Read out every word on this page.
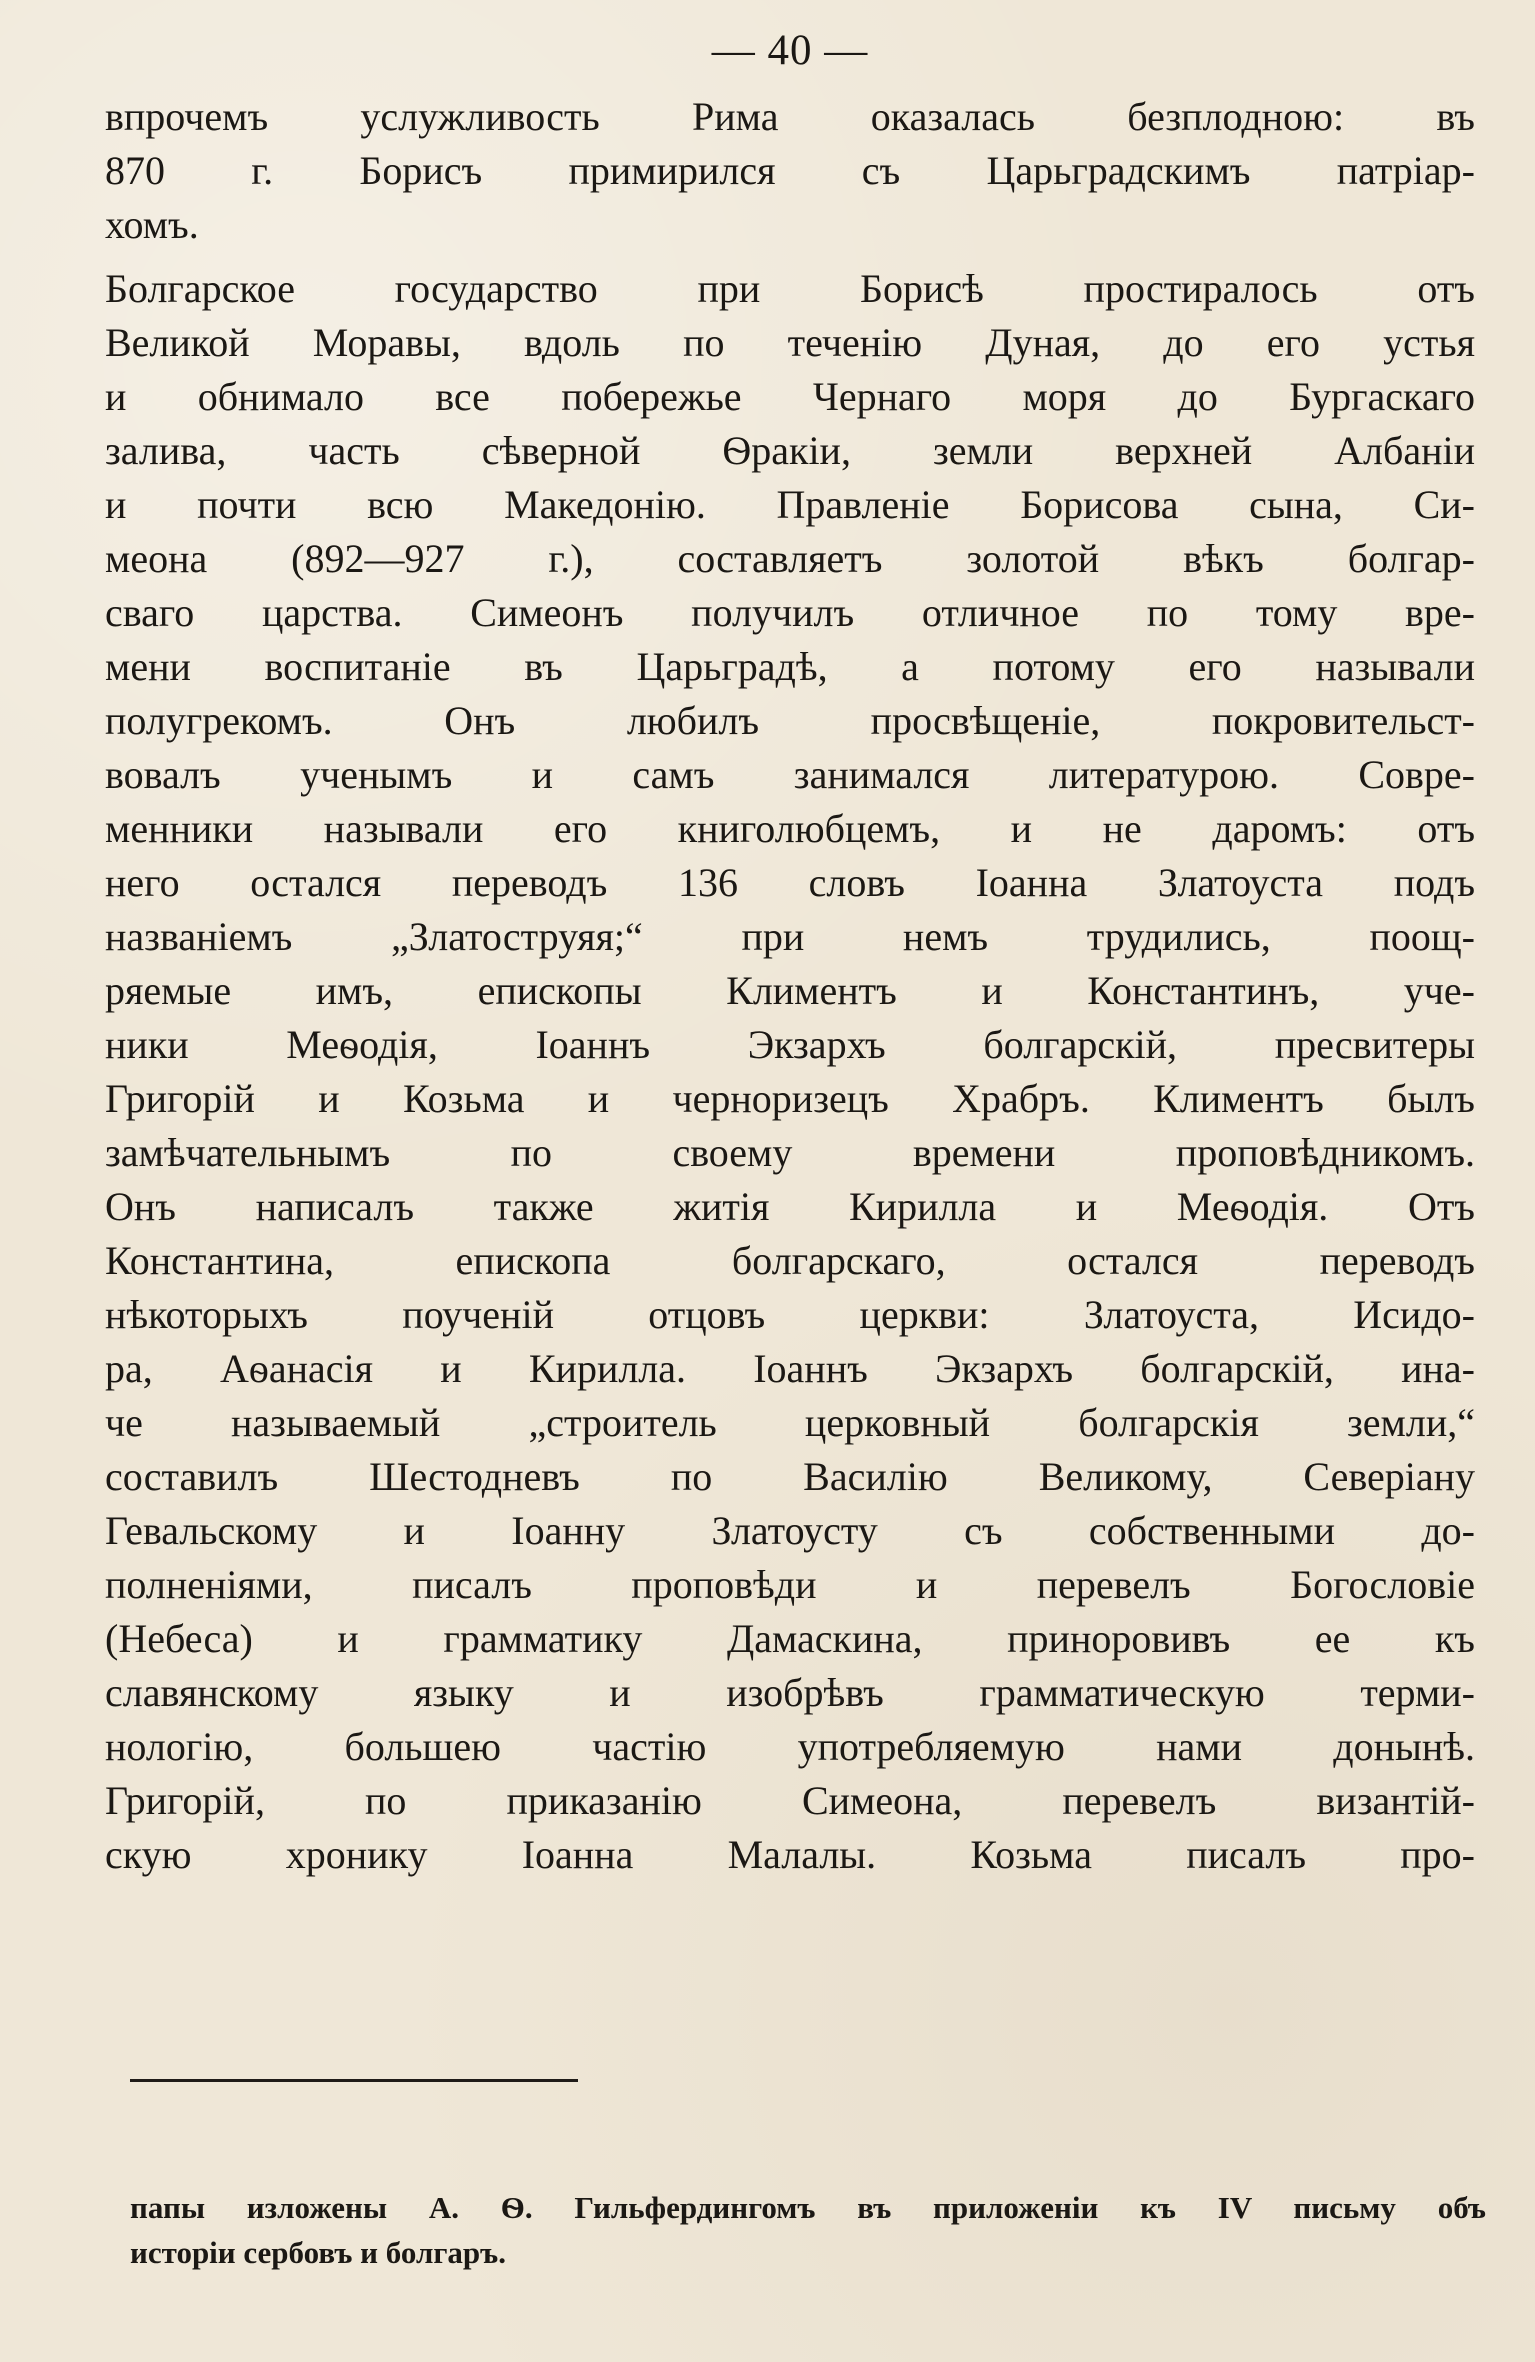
— 40 —
впрочемъ услужливость Рима оказалась безплодною: въ
870 г. Борисъ примирился съ Царьградскимъ патріар-
хомъ.
Болгарское государство при Борисѣ простиралось отъ
Великой Моравы, вдоль по теченію Дуная, до его устья
и обнимало все побережье Чернаго моря до Бургаскаго
залива, часть сѣверной Ѳракіи, земли верхней Албаніи
и почти всю Македонію. Правленіе Борисова сына, Си-
меона (892—927 г.), составляетъ золотой вѣкъ болгар-
сваго царства. Симеонъ получилъ отличное по тому вре-
мени воспитаніе въ Царьградѣ, а потому его называли
полугрекомъ. Онъ любилъ просвѣщеніе, покровительст-
вовалъ ученымъ и самъ занимался литературою. Совре-
менники называли его книголюбцемъ, и не даромъ: отъ
него остался переводъ 136 словъ Іоанна Златоуста подъ
названіемъ „Златоструяя;“ при немъ трудились, поощ-
ряемые имъ, епископы Климентъ и Константинъ, уче-
ники Меѳодія, Іоаннъ Экзархъ болгарскій, пресвитеры
Григорій и Козьма и черноризецъ Храбръ. Климентъ былъ
замѣчательнымъ по своему времени проповѣдникомъ.
Онъ написалъ также житія Кирилла и Меѳодія. Отъ
Константина, епископа болгарскаго, остался переводъ
нѣкоторыхъ поученій отцовъ церкви: Златоуста, Исидо-
ра, Аѳанасія и Кирилла. Іоаннъ Экзархъ болгарскій, ина-
че называемый „строитель церковный болгарскія земли,“
составилъ Шестодневъ по Василію Великому, Северіану
Гевальскому и Іоанну Златоусту съ собственными до-
полненіями, писалъ проповѣди и перевелъ Богословіе
(Небеса) и грамматику Дамаскина, приноровивъ ее къ
славянскому языку и изобрѣвъ грамматическую терми-
нологію, большею частію употребляемую нами донынѣ.
Григорій, по приказанію Симеона, перевелъ византій-
скую хронику Іоанна Малалы. Козьма писалъ про-
папы изложены А. Ѳ. Гильфердингомъ въ приложеніи къ IV письму объ
исторіи сербовъ и болгаръ.
